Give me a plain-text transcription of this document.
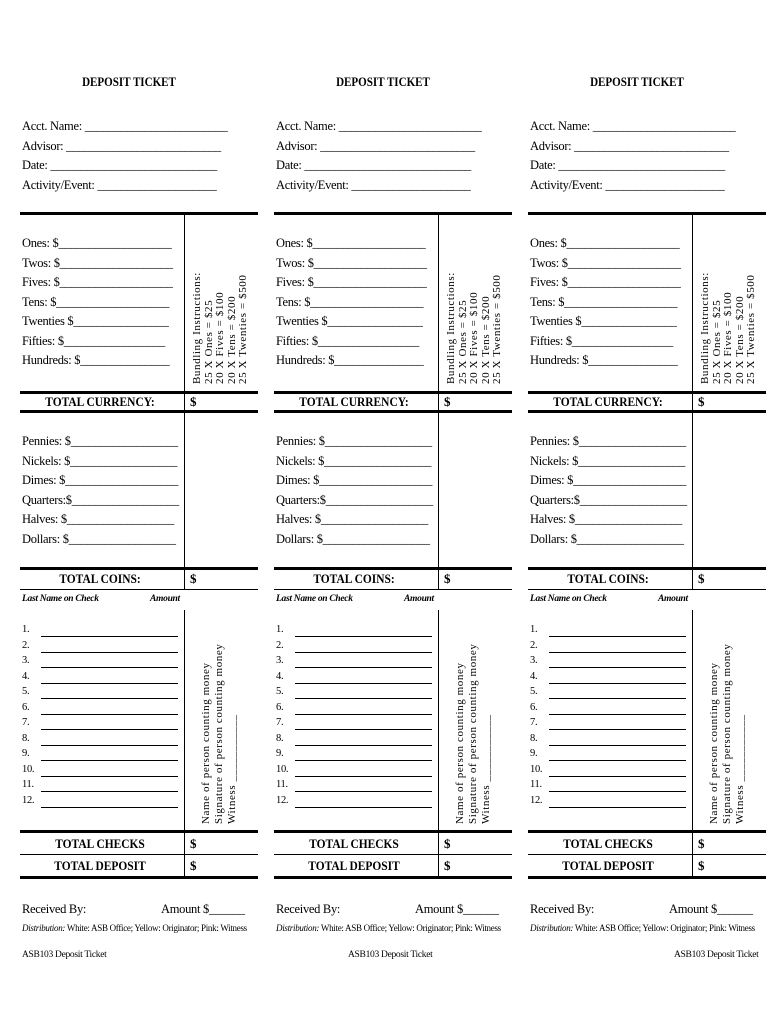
DEPOSIT TICKET
Acct. Name: ________________________
Advisor: __________________________
Date: ____________________________
Activity/Event: ____________________
Ones: $___________________
Twos: $___________________
Fives: $___________________
Tens: $___________________
Twenties $________________
Fifties: $_________________
Hundreds: $_______________ Bundling Instructions: 25 X Ones = $25 20 X Fives = $100 20 X Tens = $200 25 X Twenties = $500
TOTAL CURRENCY:	$
Pennies: $__________________
Nickels: $__________________
Dimes: $___________________
Quarters:$__________________
Halves: $__________________
Dollars: $__________________
TOTAL COINS:	$
Last Name on Check	Amount
1.
2.
3.
4.
5.
6.
7.
8.
9.
10.
11.
12.	Name of person counting money Signature of person counting money Witness ___________
TOTAL CHECKS	$
TOTAL DEPOSIT	$
Received By:	Amount $______
Distribution: White: ASB Office; Yellow: Originator; Pink: Witness
ASB103 Deposit Ticket
DEPOSIT TICKET
Acct. Name: ________________________
Advisor: __________________________
Date: ____________________________
Activity/Event: ____________________
Ones: $___________________
Twos: $___________________
Fives: $___________________
Tens: $___________________
Twenties $________________
Fifties: $_________________
Hundreds: $_______________ Bundling Instructions: 25 X Ones = $25 20 X Fives = $100 20 X Tens = $200 25 X Twenties = $500
TOTAL CURRENCY:	$
Pennies: $__________________
Nickels: $__________________
Dimes: $___________________
Quarters:$__________________
Halves: $__________________
Dollars: $__________________
TOTAL COINS:	$
Last Name on Check	Amount
1.
2.
3.
4.
5.
6.
7.
8.
9.
10.
11.
12.	Name of person counting money Signature of person counting money Witness ___________
TOTAL CHECKS	$
TOTAL DEPOSIT	$
Received By:	Amount $______
Distribution: White: ASB Office; Yellow: Originator; Pink: Witness
ASB103 Deposit Ticket
DEPOSIT TICKET
Acct. Name: ________________________
Advisor: __________________________
Date: ____________________________
Activity/Event: ____________________
Ones: $___________________
Twos: $___________________
Fives: $___________________
Tens: $___________________
Twenties $________________
Fifties: $_________________
Hundreds: $_______________ Bundling Instructions: 25 X Ones = $25 20 X Fives = $100 20 X Tens = $200 25 X Twenties = $500
TOTAL CURRENCY:	$
Pennies: $__________________
Nickels: $__________________
Dimes: $___________________
Quarters:$__________________
Halves: $__________________
Dollars: $__________________
TOTAL COINS:	$
Last Name on Check	Amount
1.
2.
3.
4.
5.
6.
7.
8.
9.
10.
11.
12.	Name of person counting money Signature of person counting money Witness ___________
TOTAL CHECKS	$
TOTAL DEPOSIT	$
Received By:	Amount $______
Distribution: White: ASB Office; Yellow: Originator; Pink: Witness
ASB103 Deposit Ticket
